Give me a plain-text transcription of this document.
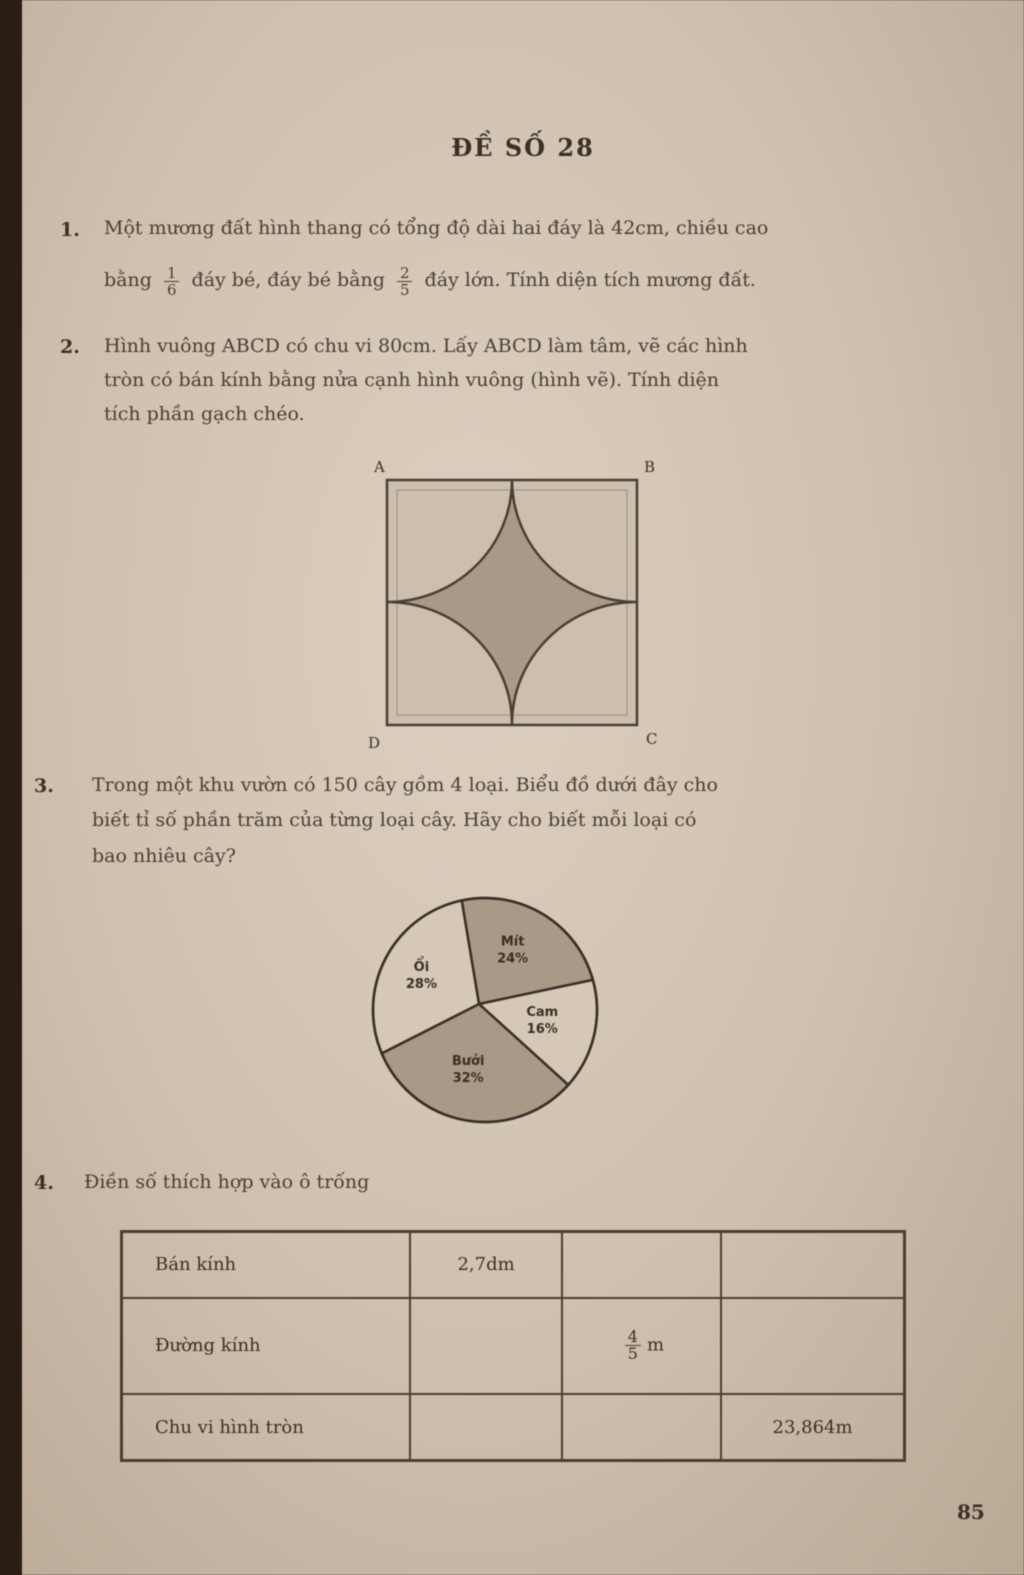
ĐỀ SỐ 28
1. Một mương đất hình thang có tổng độ dài hai đáy là 42cm, chiều cao
bằng $\frac{1}{6}$ đáy bé, đáy bé bằng $\frac{2}{5}$ đáy lớn. Tính diện tích mương đất.
2. Hình vuông ABCD có chu vi 80cm. Lấy ABCD làm tâm, vẽ các hình
tròn có bán kính bằng nửa cạnh hình vuông (hình vẽ). Tính diện
tích phần gạch chéo.
A	B
C
D
3. Trong một khu vườn có 150 cây gồm 4 loại. Biểu đồ dưới đây cho
biết tỉ số phần trăm của từng loại cây. Hãy cho biết mỗi loại có
bao nhiêu cây?
Mít
24%
Cam
16%
Bưởi
32%
Ổi
28%
4. Điền số thích hợp vào ô trống
Bán kính	2,7dm		
Đường kính		$\frac{4}{5}$ m	
Chu vi hình tròn			23,864m
85
